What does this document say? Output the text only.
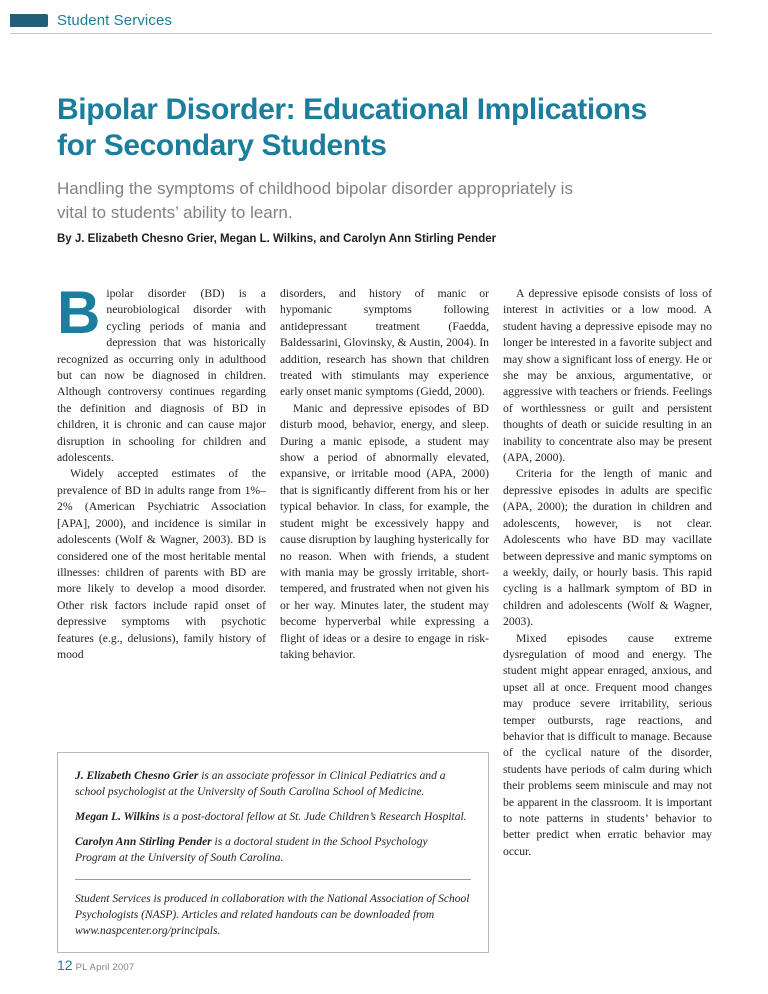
Student Services
Bipolar Disorder: Educational Implications
for Secondary Students

Handling the symptoms of childhood bipolar disorder appropriately is
vital to students’ ability to learn.

By J. Elizabeth Chesno Grier, Megan L. Wilkins, and Carolyn Ann Stirling Pender

Bipolar disorder (BD) is a neurobiological disorder with cycling periods of mania and depression that was historically recognized as occurring only in adulthood but can now be diagnosed in children. Although controversy continues regarding the definition and diagnosis of BD in children, it is chronic and can cause major disruption in schooling for children and adolescents.

Widely accepted estimates of the prevalence of BD in adults range from 1%–2% (American Psychiatric Association [APA], 2000), and incidence is similar in adolescents (Wolf & Wagner, 2003). BD is considered one of the most heritable mental illnesses: children of parents with BD are more likely to develop a mood disorder. Other risk factors include rapid onset of depressive symptoms with psychotic features (e.g., delusions), family history of mood

disorders, and history of manic or hypomanic symptoms following antidepressant treatment (Faedda, Baldessarini, Glovinsky, & Austin, 2004). In addition, research has shown that children treated with stimulants may experience early onset manic symptoms (Giedd, 2000).

Manic and depressive episodes of BD disturb mood, behavior, energy, and sleep. During a manic episode, a student may show a period of abnormally elevated, expansive, or irritable mood (APA, 2000) that is significantly different from his or her typical behavior. In class, for example, the student might be excessively happy and cause disruption by laughing hysterically for no reason. When with friends, a student with mania may be grossly irritable, short-tempered, and frustrated when not given his or her way. Minutes later, the student may become hyperverbal while expressing a flight of ideas or a desire to engage in risk-taking behavior.

A depressive episode consists of loss of interest in activities or a low mood. A student having a depressive episode may no longer be interested in a favorite subject and may show a significant loss of energy. He or she may be anxious, argumentative, or aggressive with teachers or friends. Feelings of worthlessness or guilt and persistent thoughts of death or suicide resulting in an inability to concentrate also may be present (APA, 2000).

Criteria for the length of manic and depressive episodes in adults are specific (APA, 2000); the duration in children and adolescents, however, is not clear. Adolescents who have BD may vacillate between depressive and manic symptoms on a weekly, daily, or hourly basis. This rapid cycling is a hallmark symptom of BD in children and adolescents (Wolf & Wagner, 2003).

Mixed episodes cause extreme dysregulation of mood and energy. The student might appear enraged, anxious, and upset all at once. Frequent mood changes may produce severe irritability, serious temper outbursts, rage reactions, and behavior that is difficult to manage. Because of the cyclical nature of the disorder, students have periods of calm during which their problems seem miniscule and may not be apparent in the classroom. It is important to note patterns in students’ behavior to better predict when erratic behavior may occur.

J. Elizabeth Chesno Grier is an associate professor in Clinical Pediatrics and a school psychologist at the University of South Carolina School of Medicine.

Megan L. Wilkins is a post-doctoral fellow at St. Jude Children’s Research Hospital.

Carolyn Ann Stirling Pender is a doctoral student in the School Psychology Program at the University of South Carolina.

Student Services is produced in collaboration with the National Association of School Psychologists (NASP). Articles and related handouts can be downloaded from www.naspcenter.org/principals.

12 PL April 2007
